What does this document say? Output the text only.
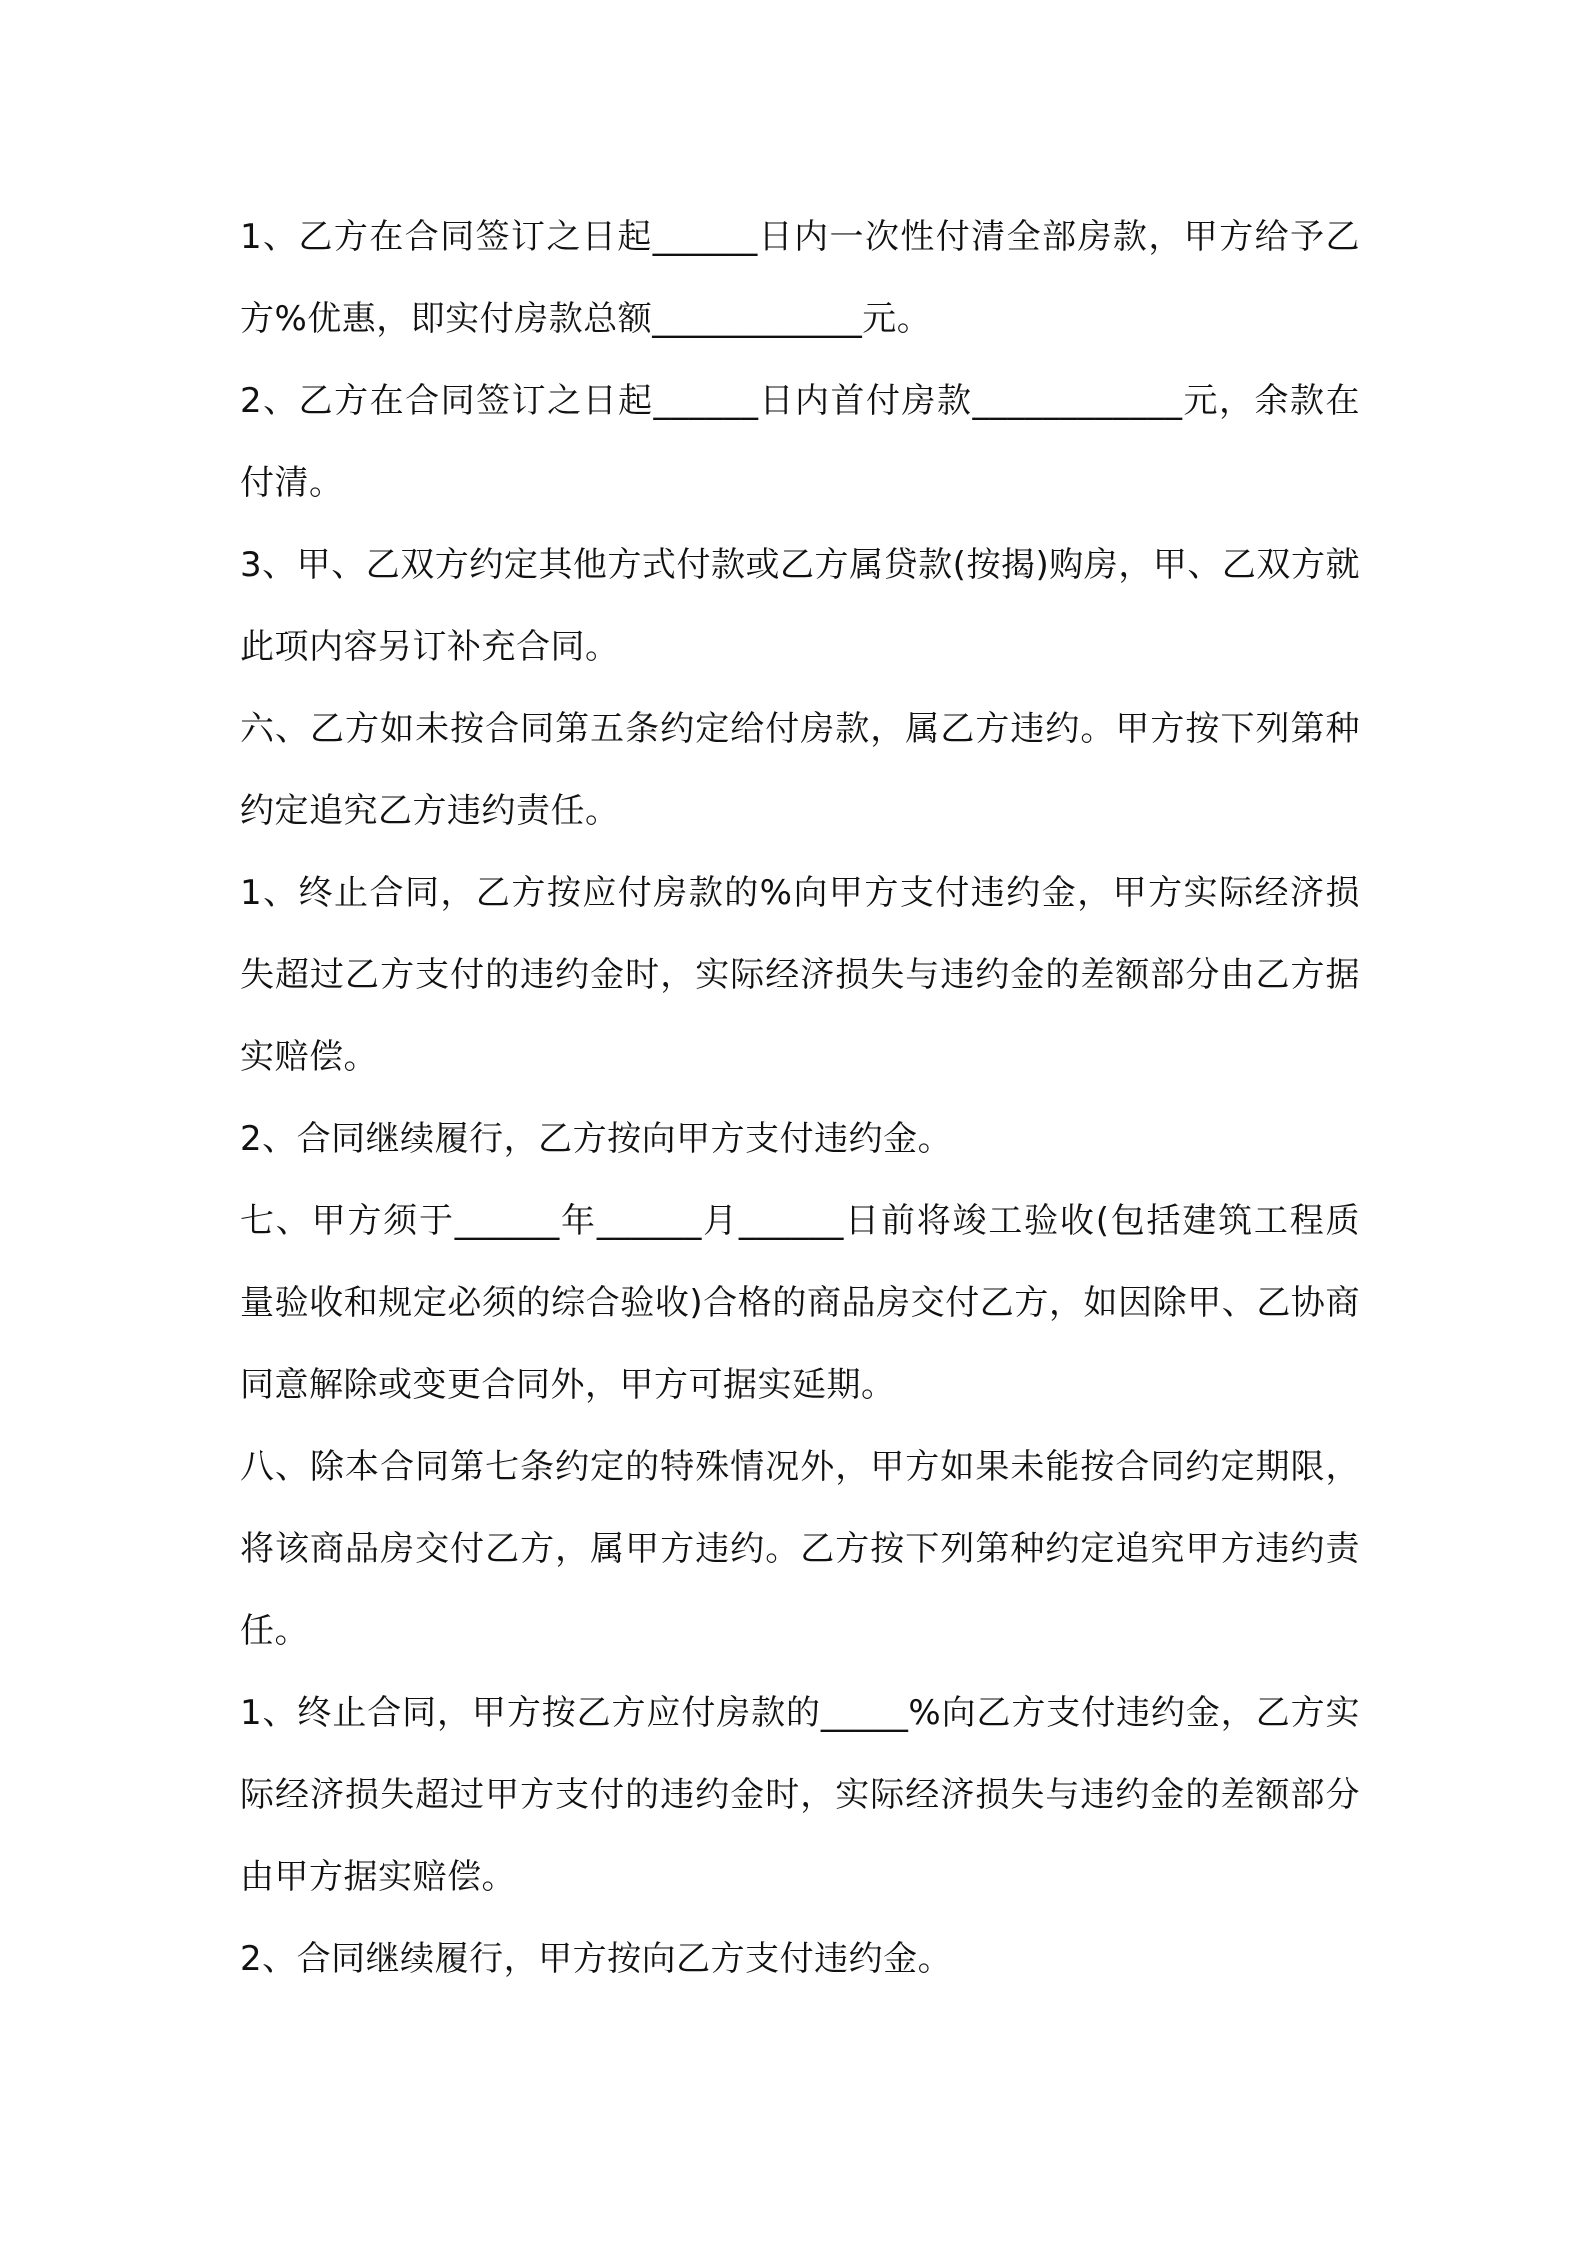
1、乙方在合同签订之日起______日内一次性付清全部房款，甲方给予乙方%优惠，即实付房款总额____________元。

2、乙方在合同签订之日起______日内首付房款____________元，余款在付清。

3、甲、乙双方约定其他方式付款或乙方属贷款(按揭)购房，甲、乙双方就此项内容另订补充合同。

六、乙方如未按合同第五条约定给付房款，属乙方违约。甲方按下列第种约定追究乙方违约责任。

1、终止合同，乙方按应付房款的%向甲方支付违约金，甲方实际经济损失超过乙方支付的违约金时，实际经济损失与违约金的差额部分由乙方据实赔偿。

2、合同继续履行，乙方按向甲方支付违约金。

七、甲方须于______年______月______日前将竣工验收(包括建筑工程质量验收和规定必须的综合验收)合格的商品房交付乙方，如因除甲、乙协商同意解除或变更合同外，甲方可据实延期。

八、除本合同第七条约定的特殊情况外，甲方如果未能按合同约定期限，将该商品房交付乙方，属甲方违约。乙方按下列第种约定追究甲方违约责任。

1、终止合同，甲方按乙方应付房款的_____%向乙方支付违约金，乙方实际经济损失超过甲方支付的违约金时，实际经济损失与违约金的差额部分由甲方据实赔偿。

2、合同继续履行，甲方按向乙方支付违约金。
